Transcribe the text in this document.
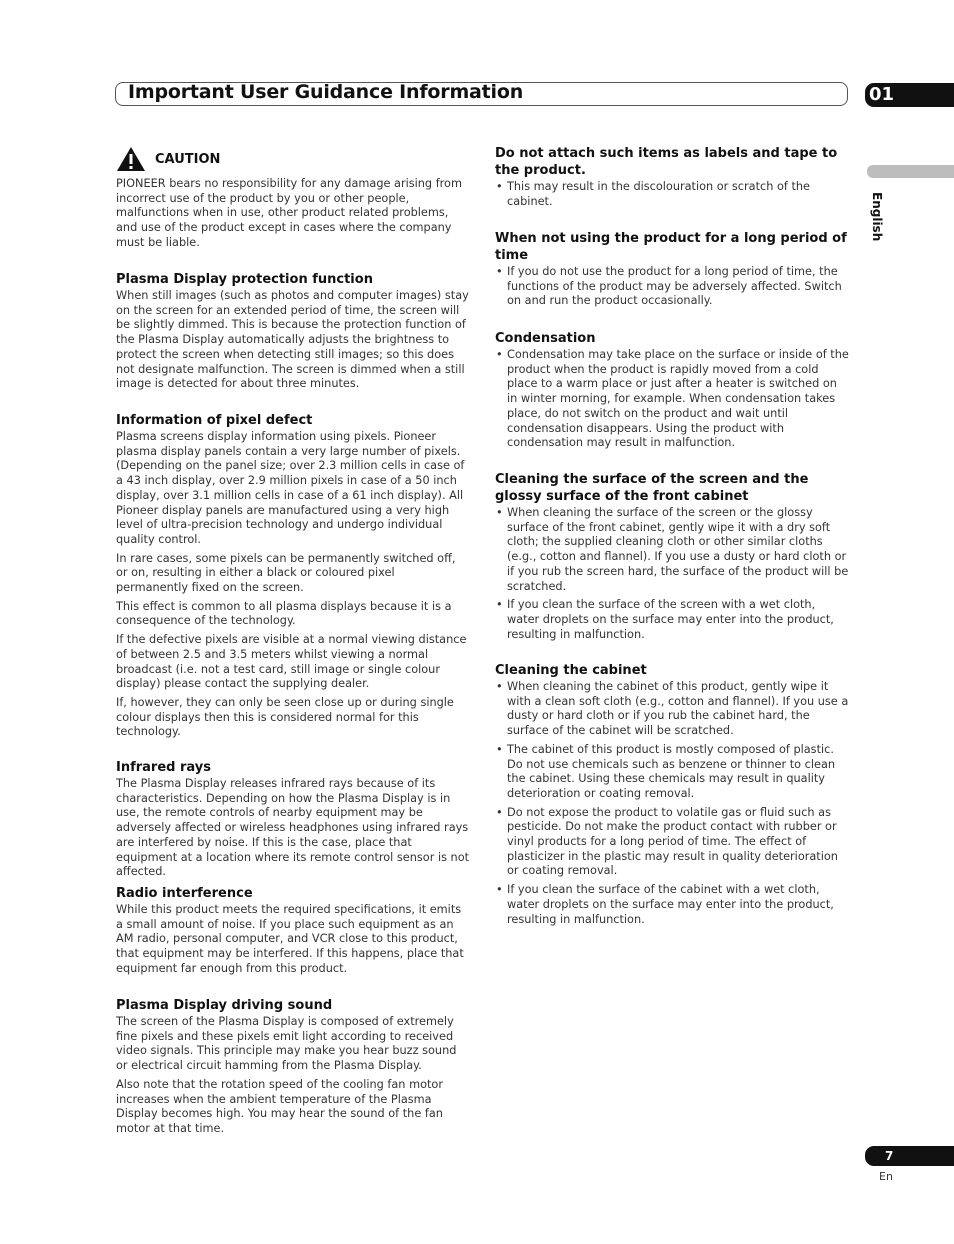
Important User Guidance Information	01
English
CAUTION

PIONEER bears no responsibility for any damage arising from incorrect use of the product by you or other people, malfunctions when in use, other product related problems, and use of the product except in cases where the company must be liable.

Plasma Display protection function

When still images (such as photos and computer images) stay on the screen for an extended period of time, the screen will be slightly dimmed. This is because the protection function of the Plasma Display automatically adjusts the brightness to protect the screen when detecting still images; so this does not designate malfunction. The screen is dimmed when a still image is detected for about three minutes.

Information of pixel defect

Plasma screens display information using pixels. Pioneer plasma display panels contain a very large number of pixels. (Depending on the panel size; over 2.3 million cells in case of a 43 inch display, over 2.9 million pixels in case of a 50 inch display, over 3.1 million cells in case of a 61 inch display). All Pioneer display panels are manufactured using a very high level of ultra-precision technology and undergo individual quality control.

In rare cases, some pixels can be permanently switched off, or on, resulting in either a black or coloured pixel permanently fixed on the screen.

This effect is common to all plasma displays because it is a consequence of the technology.

If the defective pixels are visible at a normal viewing distance of between 2.5 and 3.5 meters whilst viewing a normal broadcast (i.e. not a test card, still image or single colour display) please contact the supplying dealer.

If, however, they can only be seen close up or during single colour displays then this is considered normal for this technology.

Infrared rays

The Plasma Display releases infrared rays because of its characteristics. Depending on how the Plasma Display is in use, the remote controls of nearby equipment may be adversely affected or wireless headphones using infrared rays are interfered by noise. If this is the case, place that equipment at a location where its remote control sensor is not affected.

Radio interference

While this product meets the required specifications, it emits a small amount of noise. If you place such equipment as an AM radio, personal computer, and VCR close to this product, that equipment may be interfered. If this happens, place that equipment far enough from this product.

Plasma Display driving sound

The screen of the Plasma Display is composed of extremely fine pixels and these pixels emit light according to received video signals. This principle may make you hear buzz sound or electrical circuit hamming from the Plasma Display.

Also note that the rotation speed of the cooling fan motor increases when the ambient temperature of the Plasma Display becomes high. You may hear the sound of the fan motor at that time.

Do not attach such items as labels and tape to the product.
• This may result in the discolouration or scratch of the cabinet.
When not using the product for a long period of time
• If you do not use the product for a long period of time, the functions of the product may be adversely affected. Switch on and run the product occasionally.
Condensation
• Condensation may take place on the surface or inside of the product when the product is rapidly moved from a cold place to a warm place or just after a heater is switched on in winter morning, for example. When condensation takes place, do not switch on the product and wait until condensation disappears. Using the product with condensation may result in malfunction.
Cleaning the surface of the screen and the glossy surface of the front cabinet
• When cleaning the surface of the screen or the glossy surface of the front cabinet, gently wipe it with a dry soft cloth; the supplied cleaning cloth or other similar cloths (e.g., cotton and flannel). If you use a dusty or hard cloth or if you rub the screen hard, the surface of the product will be scratched.
• If you clean the surface of the screen with a wet cloth, water droplets on the surface may enter into the product, resulting in malfunction.
Cleaning the cabinet
• When cleaning the cabinet of this product, gently wipe it with a clean soft cloth (e.g., cotton and flannel). If you use a dusty or hard cloth or if you rub the cabinet hard, the surface of the cabinet will be scratched.
• The cabinet of this product is mostly composed of plastic. Do not use chemicals such as benzene or thinner to clean the cabinet. Using these chemicals may result in quality deterioration or coating removal.
• Do not expose the product to volatile gas or fluid such as pesticide. Do not make the product contact with rubber or vinyl products for a long period of time. The effect of plasticizer in the plastic may result in quality deterioration or coating removal.
• If you clean the surface of the cabinet with a wet cloth, water droplets on the surface may enter into the product, resulting in malfunction.
7
En
